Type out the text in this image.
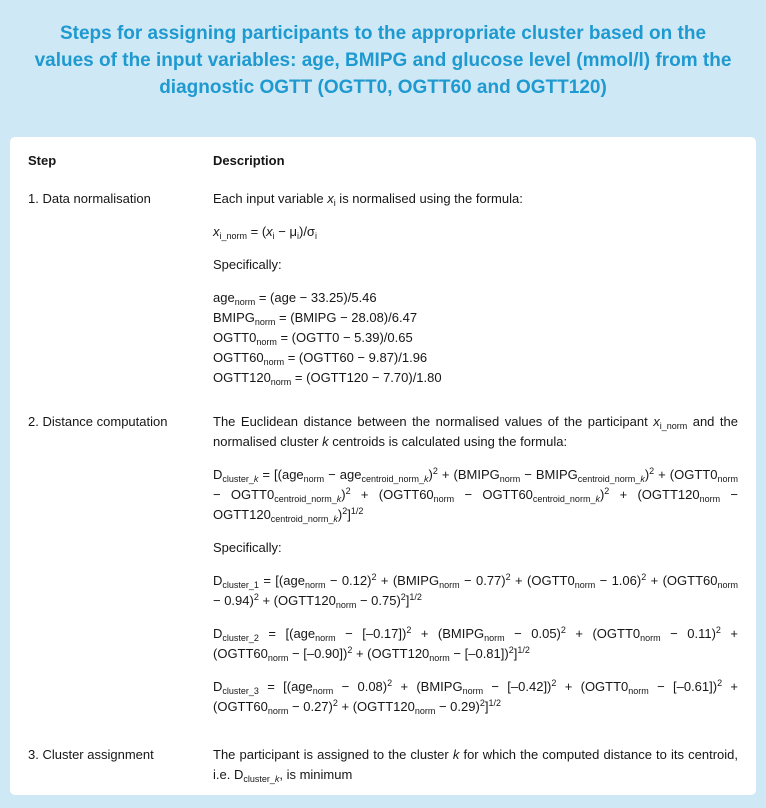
Steps for assigning participants to the appropriate cluster based on the values of the input variables: age, BMIPG and glucose level (mmol/l) from the diagnostic OGTT (OGTT0, OGTT60 and OGTT120)
Step	Description
1. Data normalisation	Each input variable $x_i$ is normalised using the formula:

$x_{i\_norm} = (x_i - \mu_i)/\sigma_i$

Specifically:

age$_{norm}$ = (age − 33.25)/5.46

$BMIPG_{norm}$ = (BMIPG − 28.08)/6.47

$OGTT0_{norm}$ = (OGTT0 − 5.39)/0.65

$OGTT60_{norm}$ = (OGTT60 − 9.87)/1.96

$OGTT120_{norm}$ = (OGTT120 − 7.70)/1.80

2. Distance computation	The Euclidean distance between the normalised values of the participant $x_{i\_norm}$ and the normalised cluster k centroids is calculated using the formula:

$D_{cluster\_k} = [(age_{norm} - age_{centroid\_norm\_k})^2$ + ($BMIPG_{norm}$ − $BMIPG_{centroid\_norm\_k})^2$ + ($OGTT0_{norm}$ − $OGTT0_{centroid\_norm\_k})^2$ + ($OGTT60_{norm}$ − $OGTT60_{centroid\_norm\_k})^2$ + ($OGTT120_{norm}$ − $OGTT120_{centroid\_norm\_k})^2]^{1/2}$

Specifically:

$D_{cluster\_1} = [(age_{norm} - 0.12)^2$ + $(BMIPG_{norm} - 0.77)^2$ + $(OGTT0_{norm} - 1.06)^2$ + $(OGTT60_{norm} - 0.94)^2$ + $(OGTT120_{norm} - 0.75)^2]^{1/2}$

$D_{cluster\_2} = [(age_{norm} - [-0.17])^2$ + $(BMIPG_{norm} - 0.05)^2$ + $(OGTT0_{norm} - 0.11)^2$ + $(OGTT60_{norm} - [-0.90])^2$ + $(OGTT120_{norm} - [-0.81])^2]^{1/2}$

$D_{cluster\_3} = [(age_{norm} - 0.08)^2$ + $(BMIPG_{norm} - [-0.42])^2$ + $(OGTT0_{norm} - [-0.61])^2$ + $(OGTT60_{norm} - 0.27)^2$ + $(OGTT120_{norm} - 0.29)^2]^{1/2}$

3. Cluster assignment	The participant is assigned to the cluster k for which the computed distance to its centroid, i.e. $D_{cluster\_k}$, is minimum
